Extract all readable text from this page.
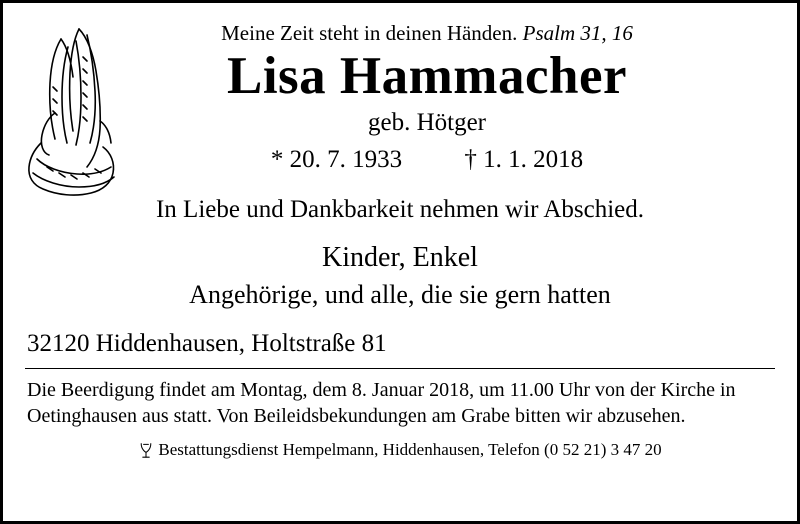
Meine Zeit steht in deinen Händen. Psalm 31, 16

Lisa Hammacher

geb. Hötger

* 20. 7. 1933 † 1. 1. 2018

In Liebe und Dankbarkeit nehmen wir Abschied.

Kinder, Enkel

Angehörige, und alle, die sie gern hatten

32120 Hiddenhausen, Holtstraße 81

Die Beerdigung findet am Montag, dem 8. Januar 2018, um 11.00 Uhr von der Kirche in Oetinghausen aus statt. Von Beileidsbekundungen am Grabe bitten wir abzusehen.

Bestattungsdienst Hempelmann, Hiddenhausen, Telefon (0 52 21) 3 47 20
